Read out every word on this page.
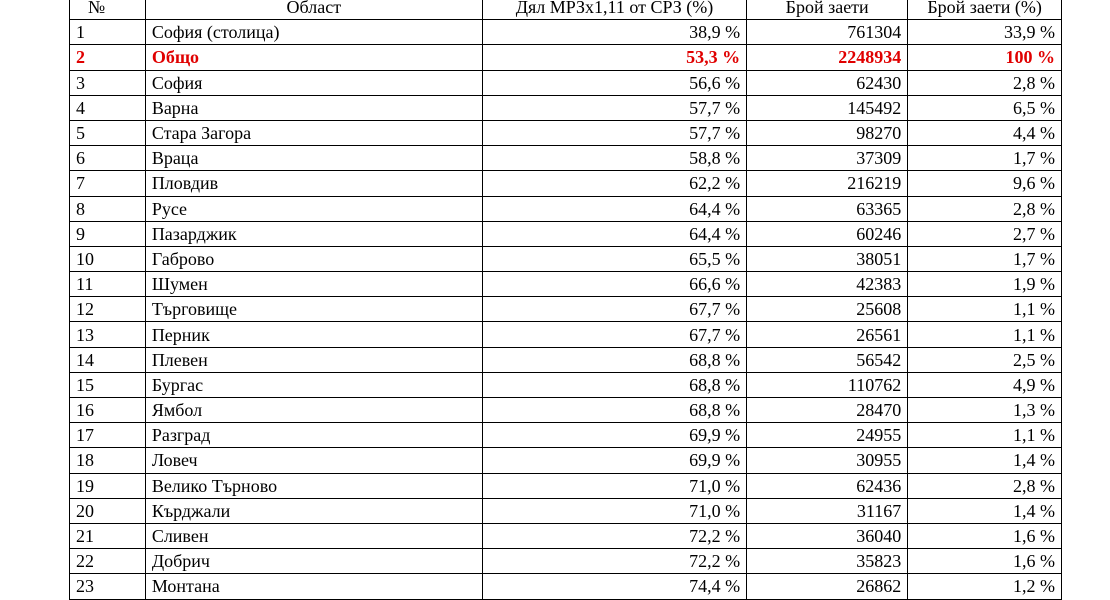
№	Област	Дял МРЗх1,11 от СРЗ (%)	Брой заети	Брой заети (%)
1	София (столица)	38,9 %	761304	33,9 %
2	Общо	53,3 %	2248934	100 %
3	София	56,6 %	62430	2,8 %
4	Варна	57,7 %	145492	6,5 %
5	Стара Загора	57,7 %	98270	4,4 %
6	Враца	58,8 %	37309	1,7 %
7	Пловдив	62,2 %	216219	9,6 %
8	Русе	64,4 %	63365	2,8 %
9	Пазарджик	64,4 %	60246	2,7 %
10	Габрово	65,5 %	38051	1,7 %
11	Шумен	66,6 %	42383	1,9 %
12	Търговище	67,7 %	25608	1,1 %
13	Перник	67,7 %	26561	1,1 %
14	Плевен	68,8 %	56542	2,5 %
15	Бургас	68,8 %	110762	4,9 %
16	Ямбол	68,8 %	28470	1,3 %
17	Разград	69,9 %	24955	1,1 %
18	Ловеч	69,9 %	30955	1,4 %
19	Велико Търново	71,0 %	62436	2,8 %
20	Кърджали	71,0 %	31167	1,4 %
21	Сливен	72,2 %	36040	1,6 %
22	Добрич	72,2 %	35823	1,6 %
23	Монтана	74,4 %	26862	1,2 %
